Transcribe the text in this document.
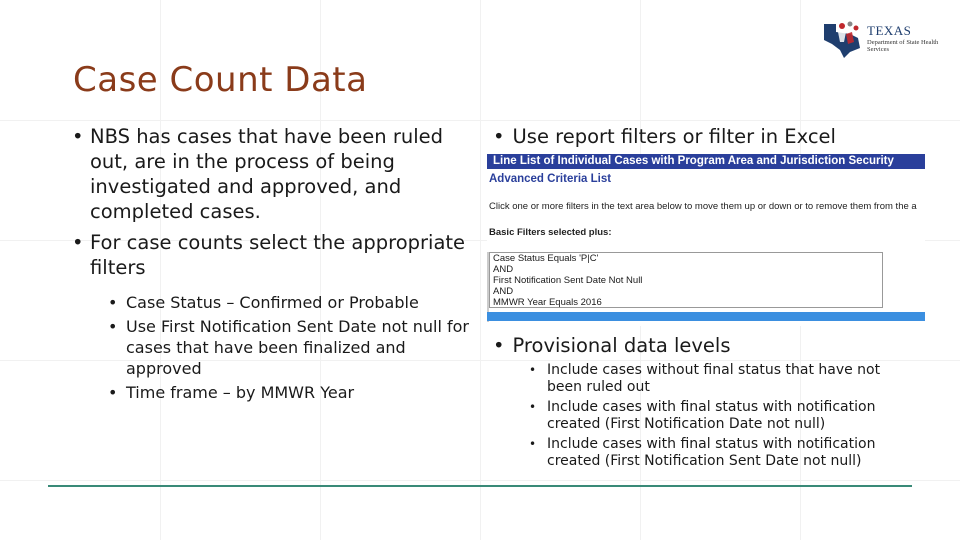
TEXAS
Department of State Health Services
Case Count Data
• NBS has cases that have been ruled out, are in the process of being investigated and approved, and completed cases.
• For case counts select the appropriate filters
• Case Status – Confirmed or Probable
• Use First Notification Sent Date not null for cases that have been finalized and approved
• Time frame – by MMWR Year
• Use report filters or filter in Excel
Line List of Individual Cases with Program Area and Jurisdiction Security
Advanced Criteria List
Click one or more filters in the text area below to move them up or down or to remove them from the a
Basic Filters selected plus:
Case Status Equals 'P|C'
AND
First Notification Sent Date Not Null
AND
MMWR Year Equals 2016
• Provisional data levels
• Include cases without final status that have not been ruled out
• Include cases with final status with notification created (First Notification Date not null)
• Include cases with final status with notification created (First Notification Sent Date not null)
